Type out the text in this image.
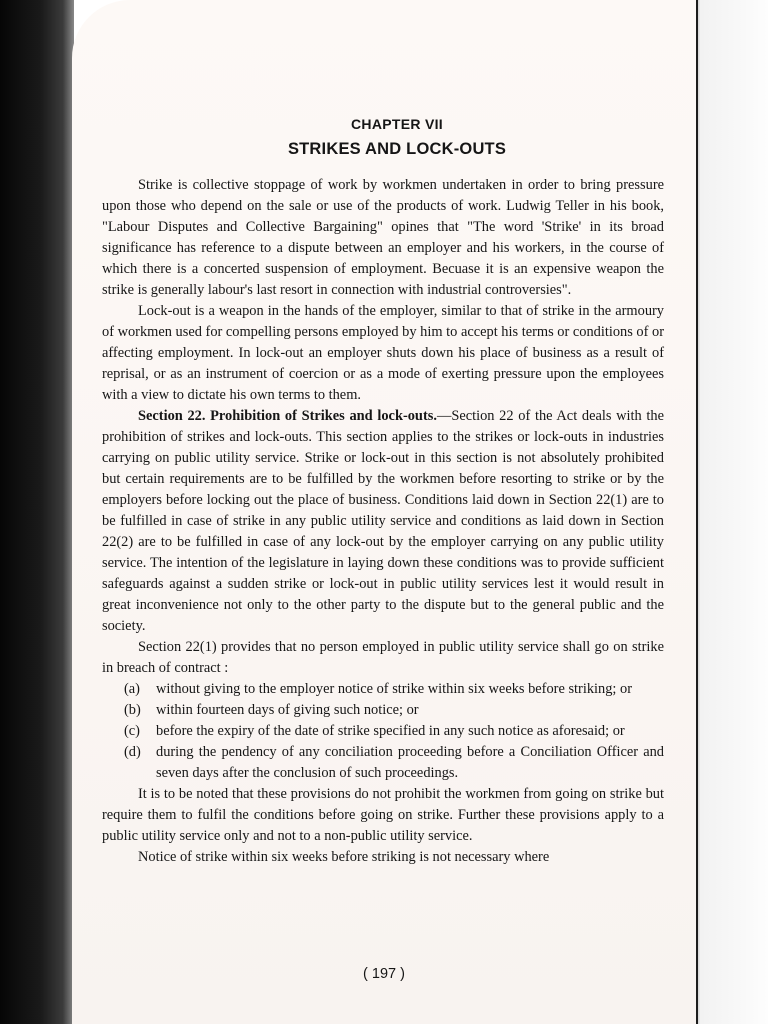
CHAPTER VII
STRIKES AND LOCK-OUTS

Strike is collective stoppage of work by workmen undertaken in order to bring pressure upon those who depend on the sale or use of the products of work. Ludwig Teller in his book, "Labour Disputes and Collective Bargaining" opines that "The word 'Strike' in its broad significance has reference to a dispute between an employer and his workers, in the course of which there is a concerted suspension of employment. Becuase it is an expensive weapon the strike is generally labour's last resort in connection with industrial controversies".

Lock-out is a weapon in the hands of the employer, similar to that of strike in the armoury of workmen used for compelling persons employed by him to accept his terms or conditions of or affecting employment. In lock-out an employer shuts down his place of business as a result of reprisal, or as an instrument of coercion or as a mode of exerting pressure upon the employees with a view to dictate his own terms to them.

Section 22. Prohibition of Strikes and lock-outs.—Section 22 of the Act deals with the prohibition of strikes and lock-outs. This section applies to the strikes or lock-outs in industries carrying on public utility service. Strike or lock-out in this section is not absolutely prohibited but certain requirements are to be fulfilled by the workmen before resorting to strike or by the employers before locking out the place of business. Conditions laid down in Section 22(1) are to be fulfilled in case of strike in any public utility service and conditions as laid down in Section 22(2) are to be fulfilled in case of any lock-out by the employer carrying on any public utility service. The intention of the legislature in laying down these conditions was to provide sufficient safeguards against a sudden strike or lock-out in public utility services lest it would result in great inconvenience not only to the other party to the dispute but to the general public and the society.

Section 22(1) provides that no person employed in public utility service shall go on strike in breach of contract :

(a)	without giving to the employer notice of strike within six weeks before striking; or
(b)	within fourteen days of giving such notice; or
(c)	before the expiry of the date of strike specified in any such notice as aforesaid; or
(d)	during the pendency of any conciliation proceeding before a Conciliation Officer and seven days after the conclusion of such proceedings.

It is to be noted that these provisions do not prohibit the workmen from going on strike but require them to fulfil the conditions before going on strike. Further these provisions apply to a public utility service only and not to a non-public utility service.

Notice of strike within six weeks before striking is not necessary where

( 197 )
